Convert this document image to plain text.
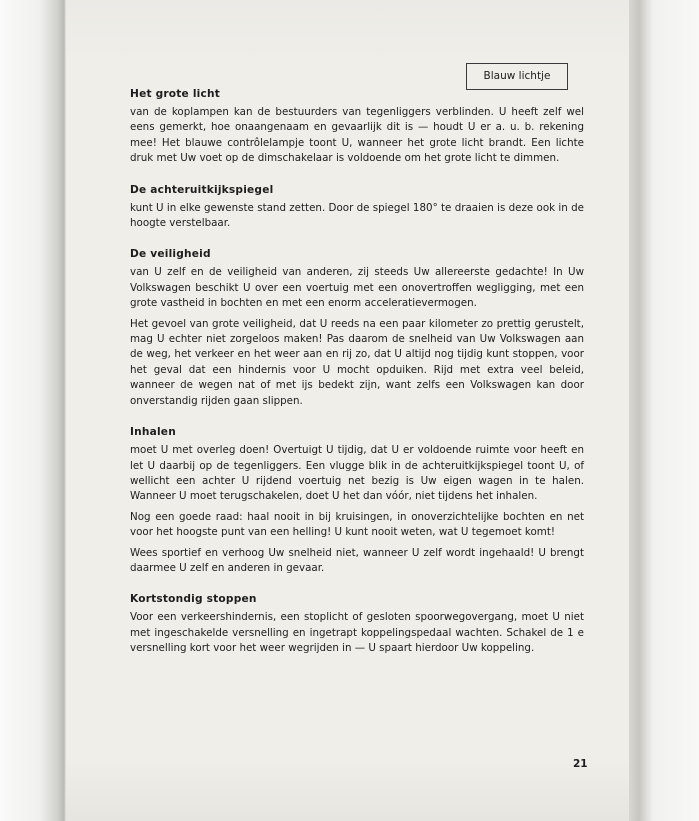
Blauw lichtje
Het grote licht

van de koplampen kan de bestuurders van tegenliggers verblinden. U heeft zelf wel eens gemerkt, hoe onaangenaam en gevaarlijk dit is — houdt U er a. u. b. rekening mee! Het blauwe contrôlelampje toont U, wanneer het grote licht brandt. Een lichte druk met Uw voet op de dimschakelaar is voldoende om het grote licht te dimmen.

De achteruitkijkspiegel

kunt U in elke gewenste stand zetten. Door de spiegel 180° te draaien is deze ook in de hoogte verstelbaar.

De veiligheid

van U zelf en de veiligheid van anderen, zij steeds Uw allereerste gedachte! In Uw Volkswagen beschikt U over een voertuig met een onovertroffen wegligging, met een grote vastheid in bochten en met een enorm acceleratievermogen.

Het gevoel van grote veiligheid, dat U reeds na een paar kilometer zo prettig gerustelt, mag U echter niet zorgeloos maken! Pas daarom de snelheid van Uw Volkswagen aan de weg, het verkeer en het weer aan en rij zo, dat U altijd nog tijdig kunt stoppen, voor het geval dat een hindernis voor U mocht opduiken. Rijd met extra veel beleid, wanneer de wegen nat of met ijs bedekt zijn, want zelfs een Volkswagen kan door onverstandig rijden gaan slippen.

Inhalen

moet U met overleg doen! Overtuigt U tijdig, dat U er voldoende ruimte voor heeft en let U daarbij op de tegenliggers. Een vlugge blik in de achteruitkijkspiegel toont U, of wellicht een achter U rijdend voertuig net bezig is Uw eigen wagen in te halen. Wanneer U moet terugschakelen, doet U het dan vóór, niet tijdens het inhalen.

Nog een goede raad: haal nooit in bij kruisingen, in onoverzichtelijke bochten en net voor het hoogste punt van een helling! U kunt nooit weten, wat U tegemoet komt!

Wees sportief en verhoog Uw snelheid niet, wanneer U zelf wordt ingehaald! U brengt daarmee U zelf en anderen in gevaar.

Kortstondig stoppen

Voor een verkeershindernis, een stoplicht of gesloten spoorwegovergang, moet U niet met ingeschakelde versnelling en ingetrapt koppelingspedaal wachten. Schakel de 1 e versnelling kort voor het weer wegrijden in — U spaart hierdoor Uw koppeling.

21
